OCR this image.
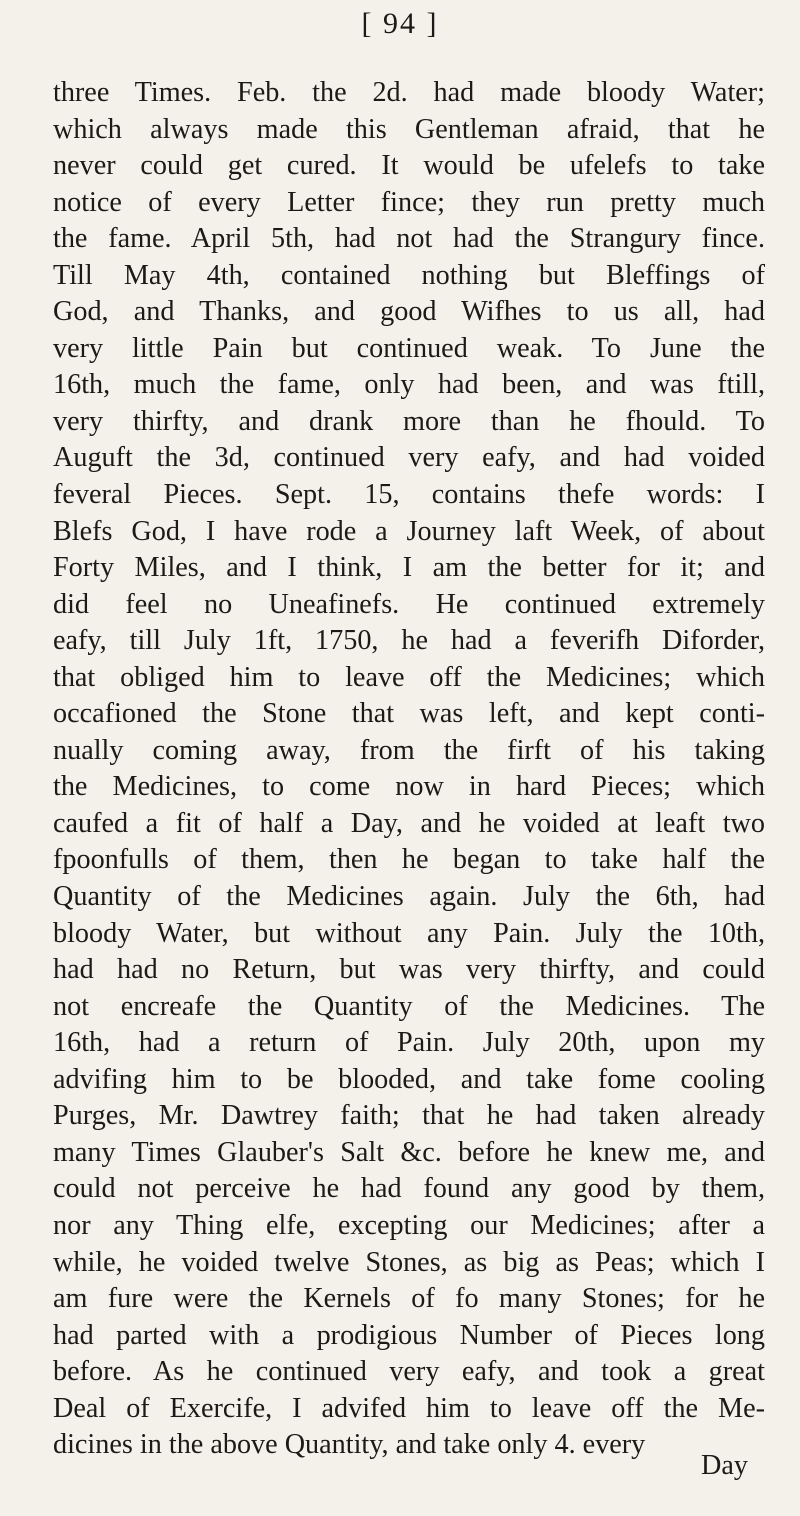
[ 94 ]
three Times. Feb. the 2d. had made bloody Water;
which always made this Gentleman afraid, that he
never could get cured. It would be ufelefs to take
notice of every Letter fince; they run pretty much
the fame. April 5th, had not had the Strangury fince.
Till May 4th, contained nothing but Bleffings of
God, and Thanks, and good Wifhes to us all, had
very little Pain but continued weak. To June the
16th, much the fame, only had been, and was ftill,
very thirfty, and drank more than he fhould. To
Auguft the 3d, continued very eafy, and had voided
feveral Pieces. Sept. 15, contains thefe words: I
Blefs God, I have rode a Journey laft Week, of about
Forty Miles, and I think, I am the better for it; and
did feel no Uneafinefs. He continued extremely
eafy, till July 1ft, 1750, he had a feverifh Diforder,
that obliged him to leave off the Medicines; which
occafioned the Stone that was left, and kept conti-
nually coming away, from the firft of his taking
the Medicines, to come now in hard Pieces; which
caufed a fit of half a Day, and he voided at leaft two
fpoonfulls of them, then he began to take half the
Quantity of the Medicines again. July the 6th, had
bloody Water, but without any Pain. July the 10th,
had had no Return, but was very thirfty, and could
not encreafe the Quantity of the Medicines. The
16th, had a return of Pain. July 20th, upon my
advifing him to be blooded, and take fome cooling
Purges, Mr. Dawtrey faith; that he had taken already
many Times Glauber's Salt &c. before he knew me, and
could not perceive he had found any good by them,
nor any Thing elfe, excepting our Medicines; after a
while, he voided twelve Stones, as big as Peas; which I
am fure were the Kernels of fo many Stones; for he
had parted with a prodigious Number of Pieces long
before. As he continued very eafy, and took a great
Deal of Exercife, I advifed him to leave off the Me-
dicines in the above Quantity, and take only 4. every
Day
